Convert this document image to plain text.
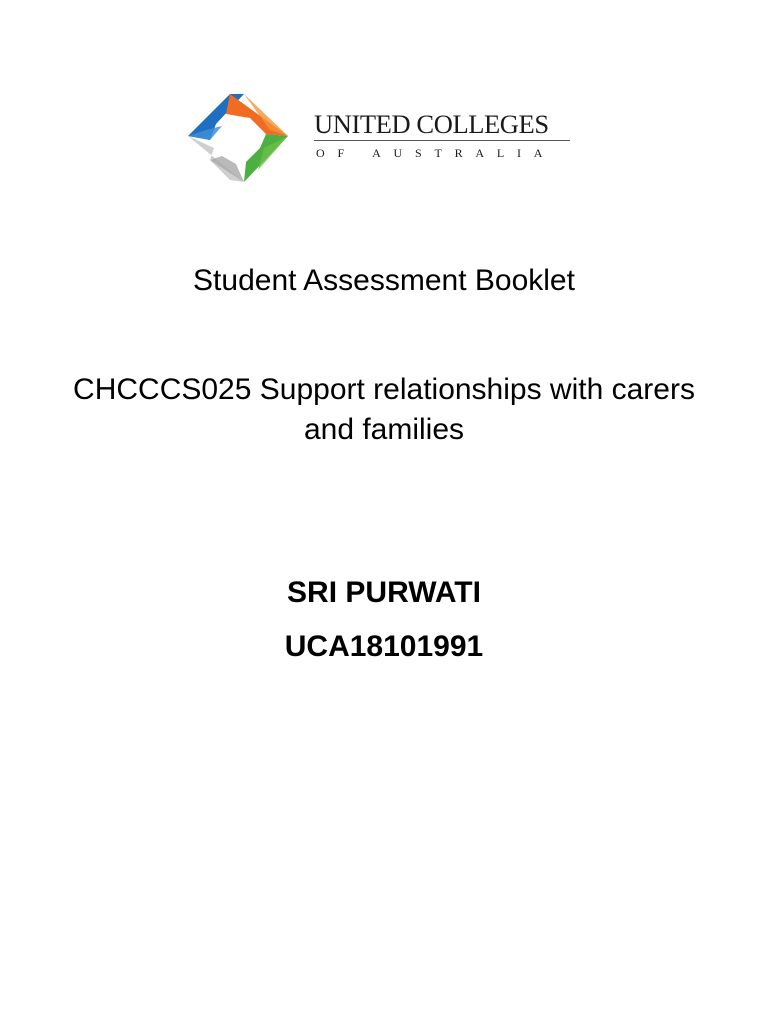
UNITED COLLEGES
OF AUSTRALIA
Student Assessment Booklet
CHCCCS025 Support relationships with carers and families
SRI PURWATI
UCA18101991
